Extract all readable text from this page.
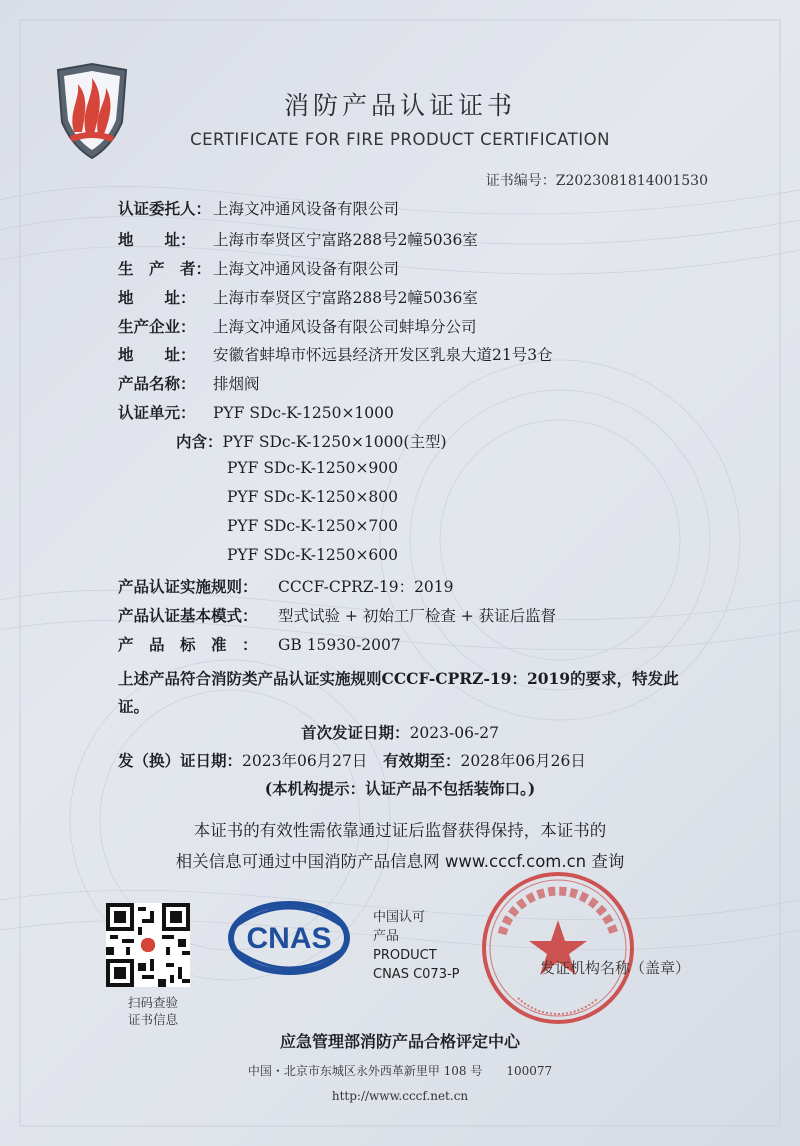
消防产品认证证书
CERTIFICATE FOR FIRE PRODUCT CERTIFICATION
证书编号：Z2023081814001530
认证委托人： 上海文冲通风设备有限公司
地　　址： 上海市奉贤区宁富路288号2幢5036室
生　产　者： 上海文冲通风设备有限公司
地　　址： 上海市奉贤区宁富路288号2幢5036室
生产企业： 上海文冲通风设备有限公司蚌埠分公司
地　　址： 安徽省蚌埠市怀远县经济开发区乳泉大道21号3仓
产品名称： 排烟阀
认证单元： PYF SDc-K-1250×1000
内含：PYF SDc-K-1250×1000(主型)
PYF SDc-K-1250×900
PYF SDc-K-1250×800
PYF SDc-K-1250×700
PYF SDc-K-1250×600
产品认证实施规则： CCCF-CPRZ-19：2019
产品认证基本模式： 型式试验 + 初始工厂检查 + 获证后监督
产　品　标　准　： GB 15930-2007
上述产品符合消防类产品认证实施规则CCCF-CPRZ-19：2019的要求，特发此证。
首次发证日期：2023-06-27
发（换）证日期：2023年06月27日　 有效期至：2028年06月26日
(本机构提示：认证产品不包括装饰口。)
本证书的有效性需依靠通过证后监督获得保持，本证书的
相关信息可通过中国消防产品信息网 www.cccf.com.cn 查询
扫码查验
证书信息
CNAS
中国认可
产品
PRODUCT
CNAS C073-P	发证机构名称（盖章）
应急管理部消防产品合格评定中心
中国・北京市东城区永外西革新里甲 108 号　　100077
http://www.cccf.net.cn
